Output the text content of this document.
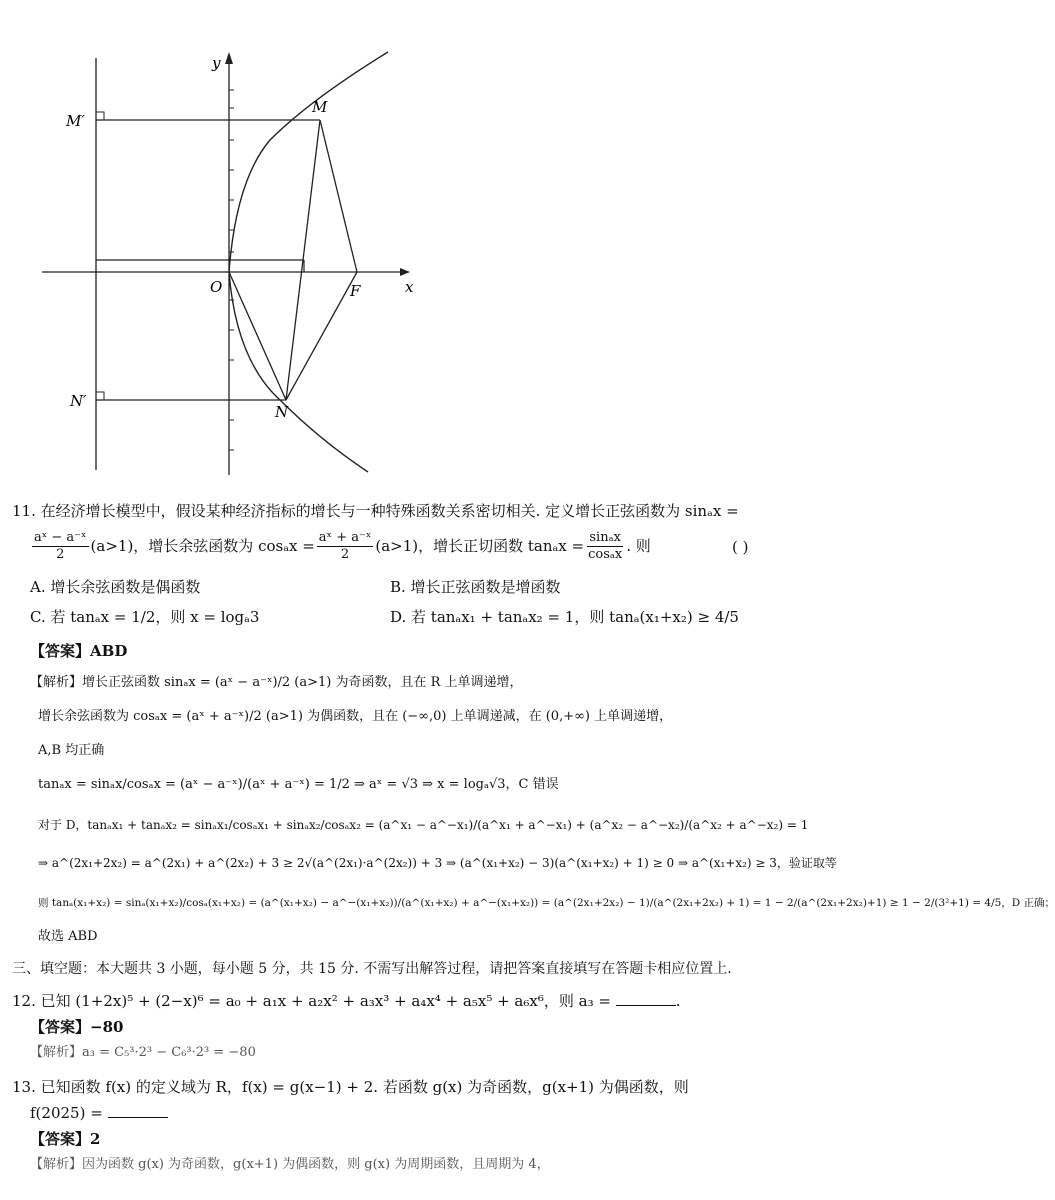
y
x
O	F
M
N
M′
N′
11. 在经济增长模型中，假设某种经济指标的增长与一种特殊函数关系密切相关. 定义增长正弦函数为 sinₐx =
$\frac{\text{aˣ − a⁻ˣ}}{2} (a>1)$，增长余弦函数为 $\cos_ax = \frac{\text{aˣ + a⁻ˣ}}{2} (a>1)$，增长正切函数 $\tan_ax = \frac{\text{sinₐx}}{\text{cosₐx}}$ . 则	( )
A. 增长余弦函数是偶函数	B. 增长正弦函数是增函数
C. 若 tanₐx = 1/2，则 x = logₐ3	D. 若 tanₐx₁ + tanₐx₂ = 1，则 tanₐ(x₁+x₂) ≥ 4/5
【答案】ABD
【解析】增长正弦函数 sinₐx = (aˣ − a⁻ˣ)/2 (a>1) 为奇函数，且在 R 上单调递增，
增长余弦函数为 cosₐx = (aˣ + a⁻ˣ)/2 (a>1) 为偶函数，且在 (−∞,0) 上单调递减，在 (0,+∞) 上单调递增，
A,B 均正确
tanₐx = sinₐx/cosₐx = (aˣ − a⁻ˣ)/(aˣ + a⁻ˣ) = 1/2 ⇒ aˣ = √3 ⇒ x = logₐ√3，C 错误
对于 D，tanₐx₁ + tanₐx₂ = sinₐx₁/cosₐx₁ + sinₐx₂/cosₐx₂ = (a^x₁ − a^−x₁)/(a^x₁ + a^−x₁) + (a^x₂ − a^−x₂)/(a^x₂ + a^−x₂) = 1
⇒ a^(2x₁+2x₂) = a^(2x₁) + a^(2x₂) + 3 ≥ 2√(a^(2x₁)·a^(2x₂)) + 3 ⇒ (a^(x₁+x₂) − 3)(a^(x₁+x₂) + 1) ≥ 0 ⇒ a^(x₁+x₂) ≥ 3，验证取等
则 tanₐ(x₁+x₂) = sinₐ(x₁+x₂)/cosₐ(x₁+x₂) = (a^(x₁+x₂) − a^−(x₁+x₂))/(a^(x₁+x₂) + a^−(x₁+x₂)) = (a^(2x₁+2x₂) − 1)/(a^(2x₁+2x₂) + 1) = 1 − 2/(a^(2x₁+2x₂)+1) ≥ 1 − 2/(3²+1) = 4/5，D 正确；
故选 ABD
三、填空题：本大题共 3 小题，每小题 5 分，共 15 分. 不需写出解答过程，请把答案直接填写在答题卡相应位置上.
12. 已知 (1+2x)⁵ + (2−x)⁶ = a₀ + a₁x + a₂x² + a₃x³ + a₄x⁴ + a₅x⁵ + a₆x⁶，则 a₃ =	.
【答案】−80
【解析】a₃ = C₅³·2³ − C₆³·2³ = −80
13. 已知函数 f(x) 的定义域为 R，f(x) = g(x−1) + 2. 若函数 g(x) 为奇函数，g(x+1) 为偶函数，则
f(2025) =
【答案】2
【解析】因为函数 g(x) 为奇函数，g(x+1) 为偶函数，则 g(x) 为周期函数，且周期为 4，
